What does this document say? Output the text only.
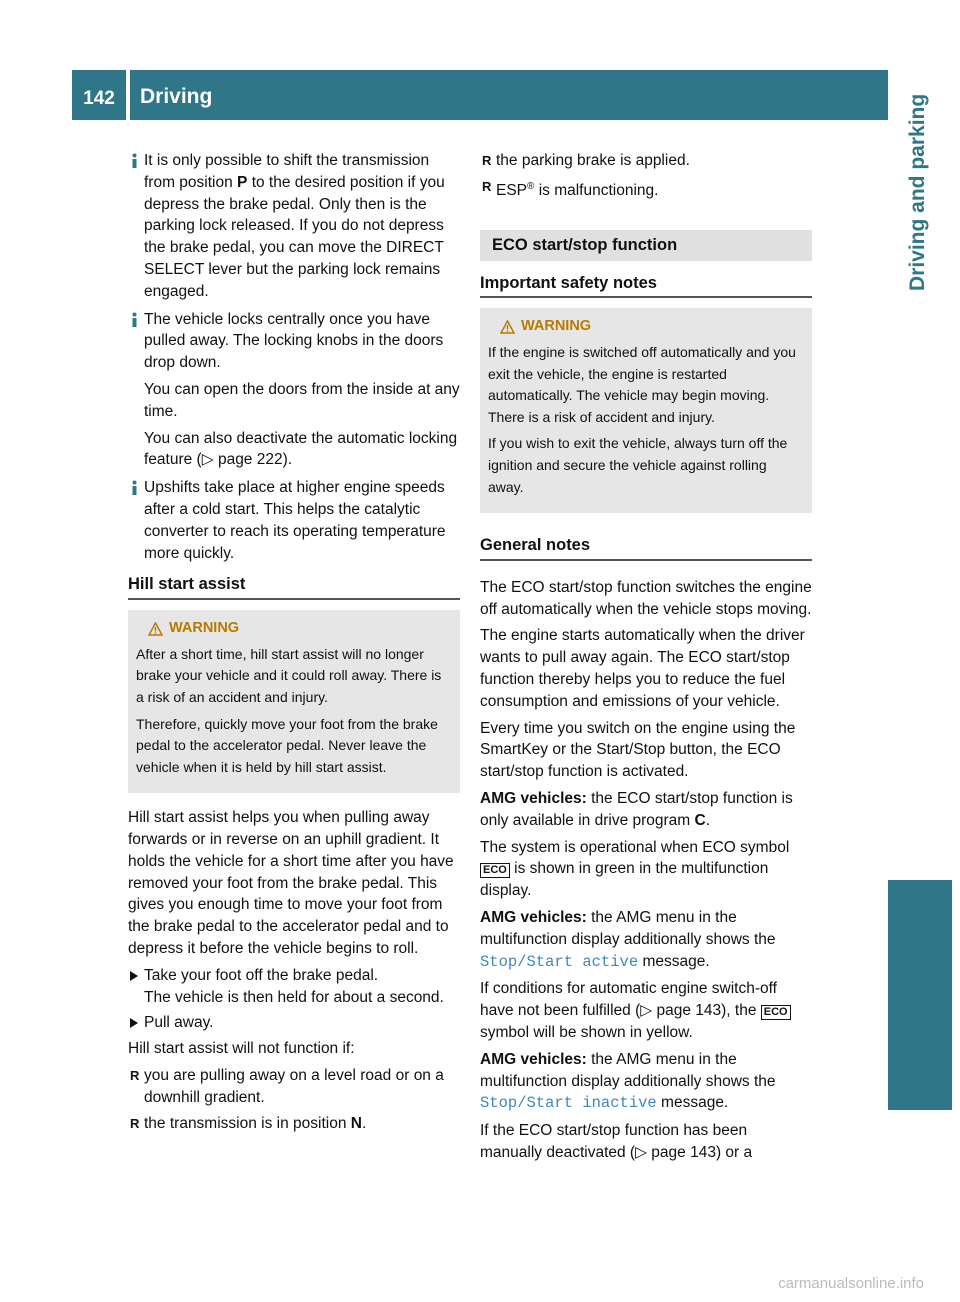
142	Driving	Driving and parking

It is only possible to shift the transmission from position P to the desired position if you depress the brake pedal. Only then is the parking lock released. If you do not depress the brake pedal, you can move the DIRECT SELECT lever but the parking lock remains engaged.

The vehicle locks centrally once you have pulled away. The locking knobs in the doors drop down.

You can open the doors from the inside at any time.

You can also deactivate the automatic locking feature (▷ page 222).

Upshifts take place at higher engine speeds after a cold start. This helps the catalytic converter to reach its operating temperature more quickly.

Hill start assist
WARNING

After a short time, hill start assist will no longer brake your vehicle and it could roll away. There is a risk of an accident and injury.

Therefore, quickly move your foot from the brake pedal to the accelerator pedal. Never leave the vehicle when it is held by hill start assist.

Hill start assist helps you when pulling away forwards or in reverse on an uphill gradient. It holds the vehicle for a short time after you have removed your foot from the brake pedal. This gives you enough time to move your foot from the brake pedal to the accelerator pedal and to depress it before the vehicle begins to roll.

Take your foot off the brake pedal.
The vehicle is then held for about a second.
Pull away.

Hill start assist will not function if:

R you are pulling away on a level road or on a downhill gradient.
R the transmission is in position N.
R the parking brake is applied.
R ESP® is malfunctioning.
ECO start/stop function
Important safety notes
WARNING

If the engine is switched off automatically and you exit the vehicle, the engine is restarted automatically. The vehicle may begin moving. There is a risk of accident and injury.

If you wish to exit the vehicle, always turn off the ignition and secure the vehicle against rolling away.

General notes

The ECO start/stop function switches the engine off automatically when the vehicle stops moving.

The engine starts automatically when the driver wants to pull away again. The ECO start/stop function thereby helps you to reduce the fuel consumption and emissions of your vehicle.

Every time you switch on the engine using the SmartKey or the Start/Stop button, the ECO start/stop function is activated.

AMG vehicles: the ECO start/stop function is only available in drive program C.

The system is operational when ECO symbol ECO is shown in green in the multifunction display.

AMG vehicles: the AMG menu in the multifunction display additionally shows the Stop/Start active message.

If conditions for automatic engine switch-off have not been fulfilled (▷ page 143), the ECO symbol will be shown in yellow.

AMG vehicles: the AMG menu in the multifunction display additionally shows the Stop/Start inactive message.

If the ECO start/stop function has been manually deactivated (▷ page 143) or a

carmanualsonline.info
